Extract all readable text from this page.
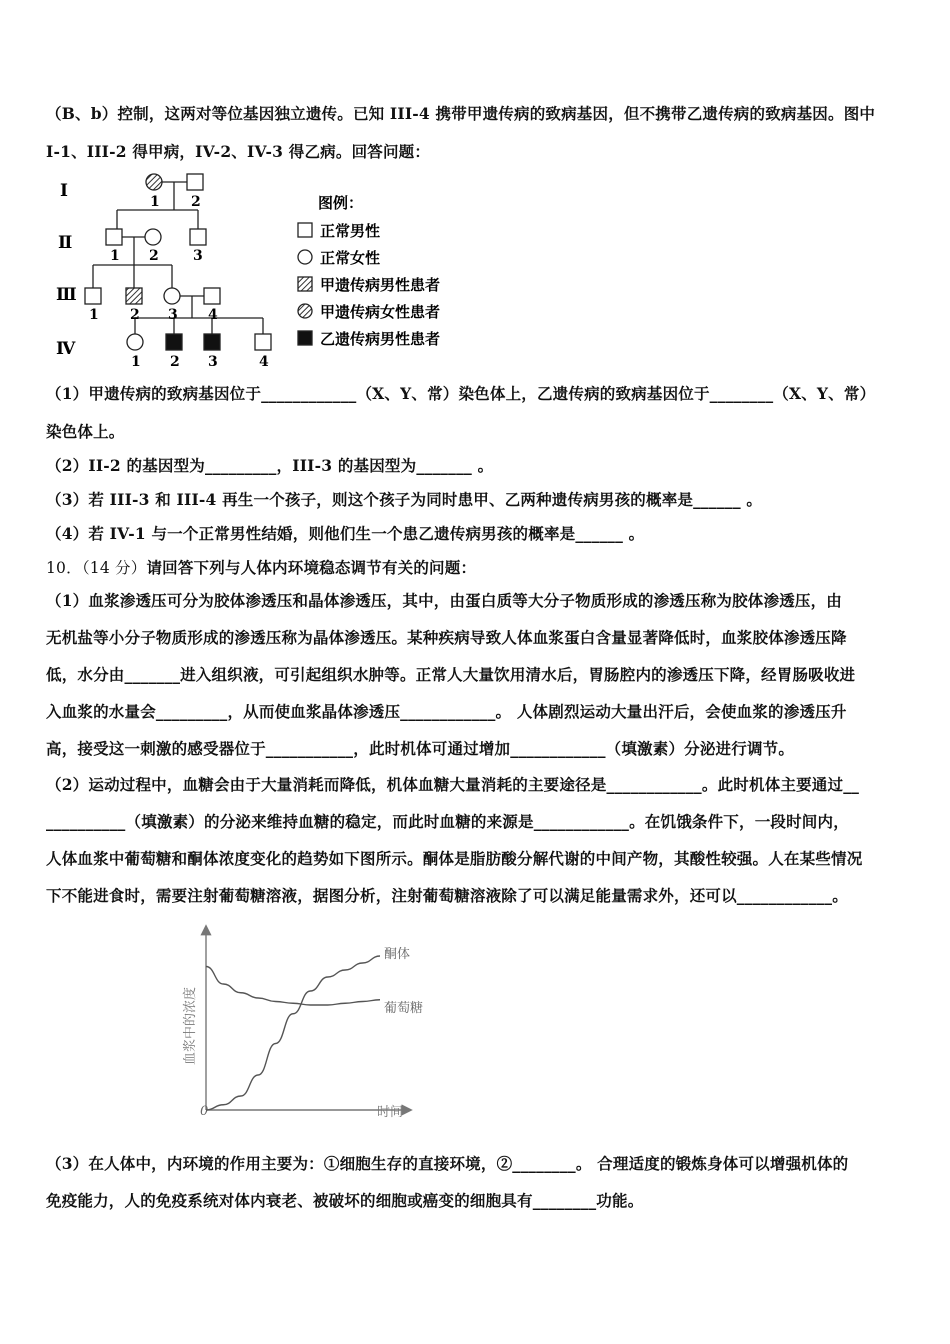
（B、b）控制，这两对等位基因独立遗传。已知 III-4 携带甲遗传病的致病基因，但不携带乙遗传病的致病基因。图中
I-1、III-2 得甲病，IV-2、IV-3 得乙病。回答问题：
Ⅰ
Ⅱ
Ⅲ
Ⅳ
1 2
1 2 3
1 2 3 4
1 2 3	4
图例：
正常男性
正常女性
甲遗传病男性患者
甲遗传病女性患者
乙遗传病男性患者
（1）甲遗传病的致病基因位于____________（X、Y、常）染色体上，乙遗传病的致病基因位于________（X、Y、常）
染色体上。
（2）II-2 的基因型为_________，III-3 的基因型为_______ 。
（3）若 III-3 和 III-4 再生一个孩子，则这个孩子为同时患甲、乙两种遗传病男孩的概率是______ 。
（4）若 IV-1 与一个正常男性结婚，则他们生一个患乙遗传病男孩的概率是______ 。
10．（14 分）请回答下列与人体内环境稳态调节有关的问题：
（1）血浆渗透压可分为胶体渗透压和晶体渗透压，其中，由蛋白质等大分子物质形成的渗透压称为胶体渗透压，由
无机盐等小分子物质形成的渗透压称为晶体渗透压。某种疾病导致人体血浆蛋白含量显著降低时，血浆胶体渗透压降
低，水分由_______进入组织液，可引起组织水肿等。正常人大量饮用清水后，胃肠腔内的渗透压下降，经胃肠吸收进
入血浆的水量会_________，从而使血浆晶体渗透压____________。 人体剧烈运动大量出汗后，会使血浆的渗透压升
高，接受这一刺激的感受器位于___________，此时机体可通过增加____________（填激素）分泌进行调节。
（2）运动过程中，血糖会由于大量消耗而降低，机体血糖大量消耗的主要途径是____________。此时机体主要通过__
__________（填激素）的分泌来维持血糖的稳定，而此时血糖的来源是____________。在饥饿条件下，一段时间内，
人体血浆中葡萄糖和酮体浓度变化的趋势如下图所示。酮体是脂肪酸分解代谢的中间产物，其酸性较强。人在某些情况
下不能进食时，需要注射葡萄糖溶液，据图分析，注射葡萄糖溶液除了可以满足能量需求外，还可以____________。
0
血浆中的浓度
时间
酮体
葡萄糖
（3）在人体中，内环境的作用主要为：①细胞生存的直接环境，②________。 合理适度的锻炼身体可以增强机体的
免疫能力，人的免疫系统对体内衰老、被破坏的细胞或癌变的细胞具有________功能。
